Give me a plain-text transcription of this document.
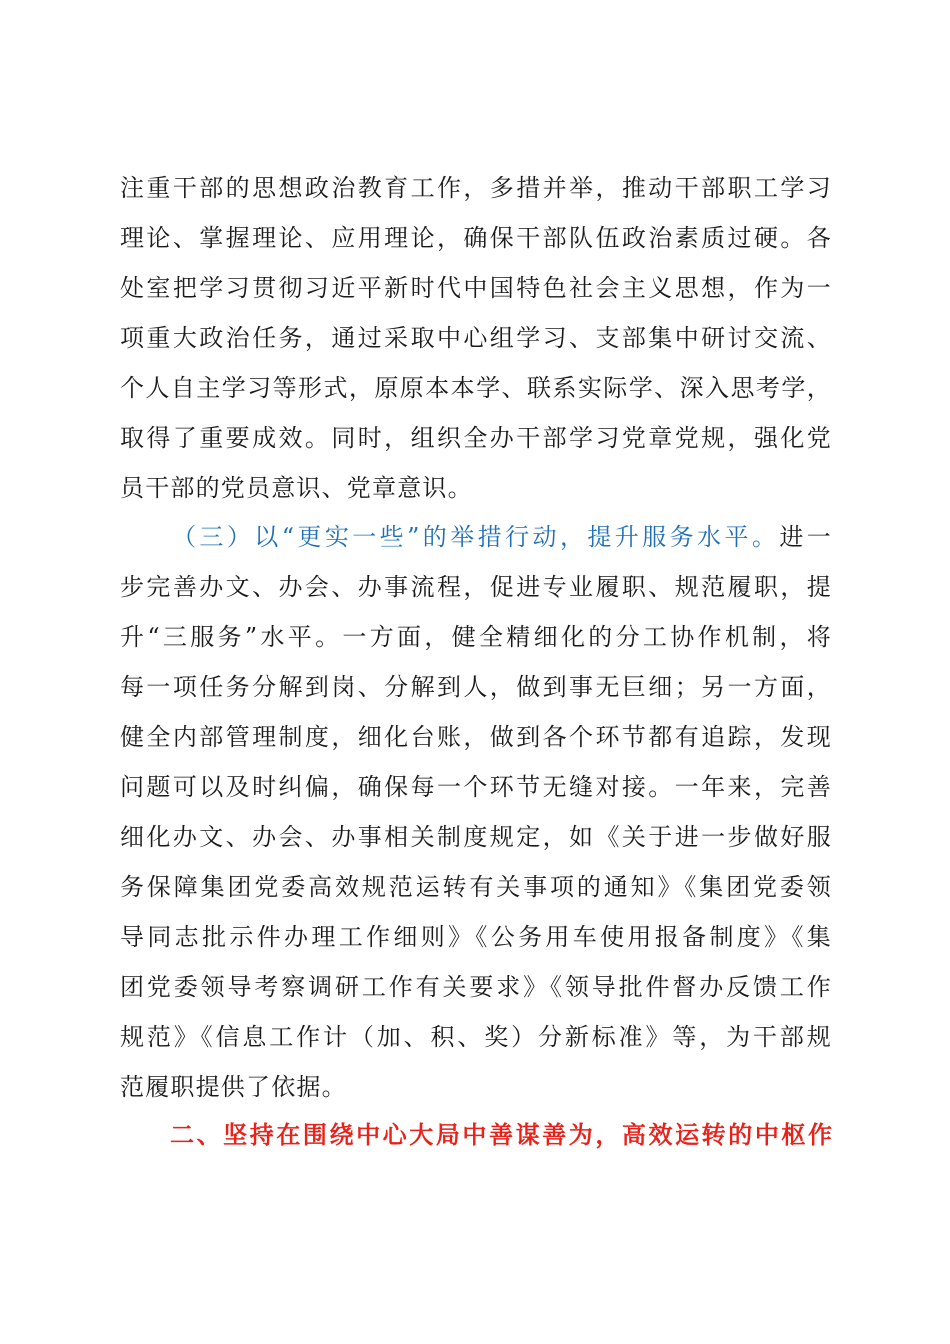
注重干部的思想政治教育工作，多措并举，推动干部职工学习
理论、掌握理论、应用理论，确保干部队伍政治素质过硬。各
处室把学习贯彻习近平新时代中国特色社会主义思想，作为一
项重大政治任务，通过采取中心组学习、支部集中研讨交流、
个人自主学习等形式，原原本本学、联系实际学、深入思考学，
取得了重要成效。同时，组织全办干部学习党章党规，强化党
员干部的党员意识、党章意识。
（三）以“更实一些”的举措行动，提升服务水平。进一
步完善办文、办会、办事流程，促进专业履职、规范履职，提
升“三服务”水平。一方面，健全精细化的分工协作机制，将
每一项任务分解到岗、分解到人，做到事无巨细；另一方面，
健全内部管理制度，细化台账，做到各个环节都有追踪，发现
问题可以及时纠偏，确保每一个环节无缝对接。一年来，完善
细化办文、办会、办事相关制度规定，如《关于进一步做好服
务保障集团党委高效规范运转有关事项的通知》《集团党委领
导同志批示件办理工作细则》《公务用车使用报备制度》《集
团党委领导考察调研工作有关要求》《领导批件督办反馈工作
规范》《信息工作计（加、积、奖）分新标准》等，为干部规
范履职提供了依据。
二、坚持在围绕中心大局中善谋善为，高效运转的中枢作
